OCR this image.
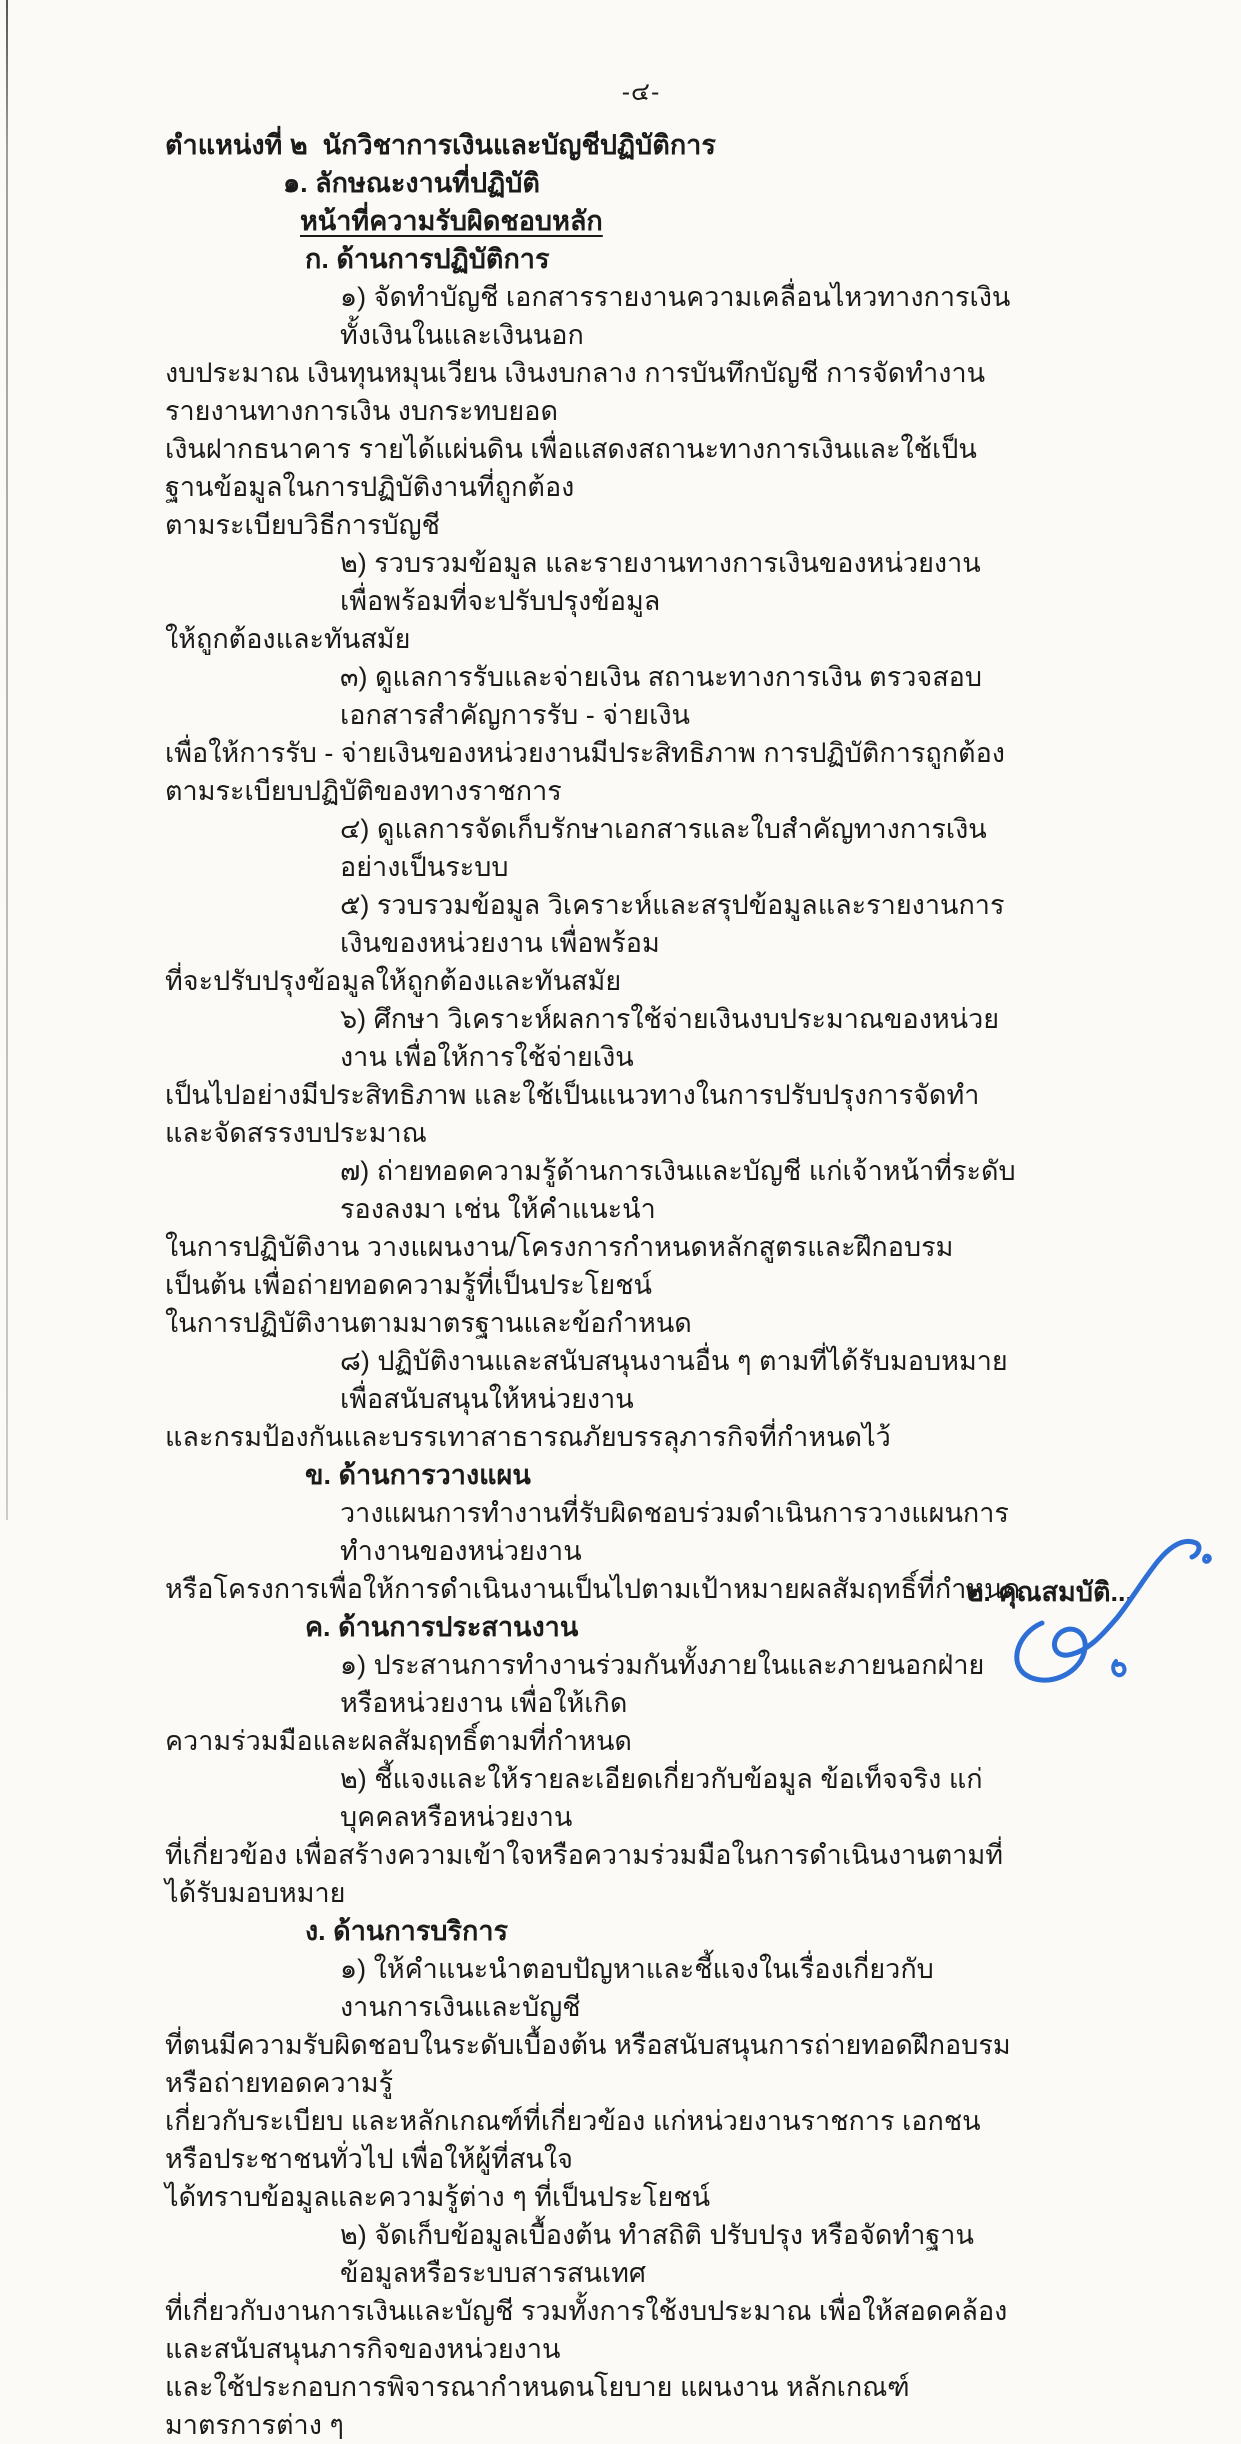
-๔-
ตำแหน่งที่ ๒  นักวิชาการเงินและบัญชีปฏิบัติการ
๑. ลักษณะงานที่ปฏิบัติ
หน้าที่ความรับผิดชอบหลัก
ก. ด้านการปฏิบัติการ
๑) จัดทำบัญชี เอกสารรายงานความเคลื่อนไหวทางการเงิน ทั้งเงินในและเงินนอก
งบประมาณ เงินทุนหมุนเวียน เงินงบกลาง การบันทึกบัญชี การจัดทำงานรายงานทางการเงิน งบกระทบยอด
เงินฝากธนาคาร รายได้แผ่นดิน เพื่อแสดงสถานะทางการเงินและใช้เป็นฐานข้อมูลในการปฏิบัติงานที่ถูกต้อง
ตามระเบียบวิธีการบัญชี
๒) รวบรวมข้อมูล และรายงานทางการเงินของหน่วยงาน เพื่อพร้อมที่จะปรับปรุงข้อมูล
ให้ถูกต้องและทันสมัย
๓) ดูแลการรับและจ่ายเงิน สถานะทางการเงิน ตรวจสอบเอกสารสำคัญการรับ - จ่ายเงิน
เพื่อให้การรับ - จ่ายเงินของหน่วยงานมีประสิทธิภาพ การปฏิบัติการถูกต้องตามระเบียบปฏิบัติของทางราชการ
๔) ดูแลการจัดเก็บรักษาเอกสารและใบสำคัญทางการเงินอย่างเป็นระบบ
๕) รวบรวมข้อมูล วิเคราะห์และสรุปข้อมูลและรายงานการเงินของหน่วยงาน เพื่อพร้อม
ที่จะปรับปรุงข้อมูลให้ถูกต้องและทันสมัย
๖) ศึกษา วิเคราะห์ผลการใช้จ่ายเงินงบประมาณของหน่วยงาน เพื่อให้การใช้จ่ายเงิน
เป็นไปอย่างมีประสิทธิภาพ และใช้เป็นแนวทางในการปรับปรุงการจัดทำและจัดสรรงบประมาณ
๗) ถ่ายทอดความรู้ด้านการเงินและบัญชี แก่เจ้าหน้าที่ระดับรองลงมา เช่น ให้คำแนะนำ
ในการปฏิบัติงาน วางแผนงาน/โครงการกำหนดหลักสูตรและฝึกอบรม เป็นต้น เพื่อถ่ายทอดความรู้ที่เป็นประโยชน์
ในการปฏิบัติงานตามมาตรฐานและข้อกำหนด
๘) ปฏิบัติงานและสนับสนุนงานอื่น ๆ ตามที่ได้รับมอบหมาย เพื่อสนับสนุนให้หน่วยงาน
และกรมป้องกันและบรรเทาสาธารณภัยบรรลุภารกิจที่กำหนดไว้
ข. ด้านการวางแผน
วางแผนการทำงานที่รับผิดชอบร่วมดำเนินการวางแผนการทำงานของหน่วยงาน
หรือโครงการเพื่อให้การดำเนินงานเป็นไปตามเป้าหมายผลสัมฤทธิ์ที่กำหนด
ค. ด้านการประสานงาน
๑) ประสานการทำงานร่วมกันทั้งภายในและภายนอกฝ่ายหรือหน่วยงาน เพื่อให้เกิด
ความร่วมมือและผลสัมฤทธิ์ตามที่กำหนด
๒) ชี้แจงและให้รายละเอียดเกี่ยวกับข้อมูล ข้อเท็จจริง แก่บุคคลหรือหน่วยงาน
ที่เกี่ยวข้อง เพื่อสร้างความเข้าใจหรือความร่วมมือในการดำเนินงานตามที่ได้รับมอบหมาย
ง. ด้านการบริการ
๑) ให้คำแนะนำตอบปัญหาและชี้แจงในเรื่องเกี่ยวกับงานการเงินและบัญชี
ที่ตนมีความรับผิดชอบในระดับเบื้องต้น หรือสนับสนุนการถ่ายทอดฝึกอบรมหรือถ่ายทอดความรู้
เกี่ยวกับระเบียบ และหลักเกณฑ์ที่เกี่ยวข้อง แก่หน่วยงานราชการ เอกชน หรือประชาชนทั่วไป เพื่อให้ผู้ที่สนใจ
ได้ทราบข้อมูลและความรู้ต่าง ๆ ที่เป็นประโยชน์
๒) จัดเก็บข้อมูลเบื้องต้น ทำสถิติ ปรับปรุง หรือจัดทำฐานข้อมูลหรือระบบสารสนเทศ
ที่เกี่ยวกับงานการเงินและบัญชี รวมทั้งการใช้งบประมาณ เพื่อให้สอดคล้องและสนับสนุนภารกิจของหน่วยงาน
และใช้ประกอบการพิจารณากำหนดนโยบาย แผนงาน หลักเกณฑ์ มาตรการต่าง ๆ
๒. คุณสมบัติ...
